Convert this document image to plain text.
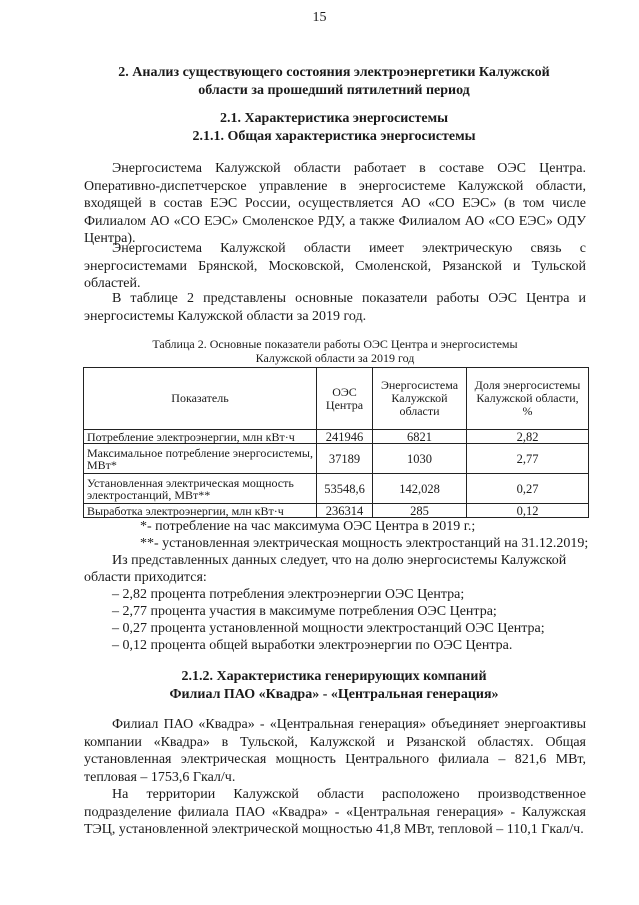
15
2. Анализ существующего состояния электроэнергетики Калужской
области за прошедший пятилетний период
2.1. Характеристика энергосистемы
2.1.1. Общая характеристика энергосистемы

Энергосистема Калужской области работает в составе ОЭС Центра. Оперативно-диспетчерское управление в энергосистеме Калужской области, входящей в состав ЕЭС России, осуществляется АО «СО ЕЭС» (в том числе Филиалом АО «СО ЕЭС» Смоленское РДУ, а также Филиалом АО «СО ЕЭС» ОДУ Центра).

Энергосистема Калужской области имеет электрическую связь с энергосистемами Брянской, Московской, Смоленской, Рязанской и Тульской областей.

В таблице 2 представлены основные показатели работы ОЭС Центра и энергосистемы Калужской области за 2019 год.

Таблица 2. Основные показатели работы ОЭС Центра и энергосистемы
Калужской области за 2019 год
Показатель	ОЭС Центра	Энергосистема Калужской области	Доля энергосистемы Калужской области, %
Потребление электроэнергии, млн кВт·ч	241946	6821	2,82
Максимальное потребление энергосистемы, МВт*	37189	1030	2,77
Установленная электрическая мощность электростанций, МВт**	53548,6	142,028	0,27
Выработка электроэнергии, млн кВт·ч	236314	285	0,12
*- потребление на час максимума ОЭС Центра в 2019 г.;
**- установленная электрическая мощность электростанций на 31.12.2019;
Из представленных данных следует, что на долю энергосистемы Калужской
области приходится:
– 2,82 процента потребления электроэнергии ОЭС Центра;
– 2,77 процента участия в максимуме потребления ОЭС Центра;
– 0,27 процента установленной мощности электростанций ОЭС Центра;
– 0,12 процента общей выработки электроэнергии по ОЭС Центра.
2.1.2. Характеристика генерирующих компаний
Филиал ПАО «Квадра» - «Центральная генерация»

Филиал ПАО «Квадра» - «Центральная генерация» объединяет энергоактивы компании «Квадра» в Тульской, Калужской и Рязанской областях. Общая установленная электрическая мощность Центрального филиала – 821,6 МВт, тепловая – 1753,6 Гкал/ч.

На территории Калужской области расположено производственное подразделение филиала ПАО «Квадра» - «Центральная генерация» - Калужская ТЭЦ, установленной электрической мощностью 41,8 МВт, тепловой – 110,1 Гкал/ч.
